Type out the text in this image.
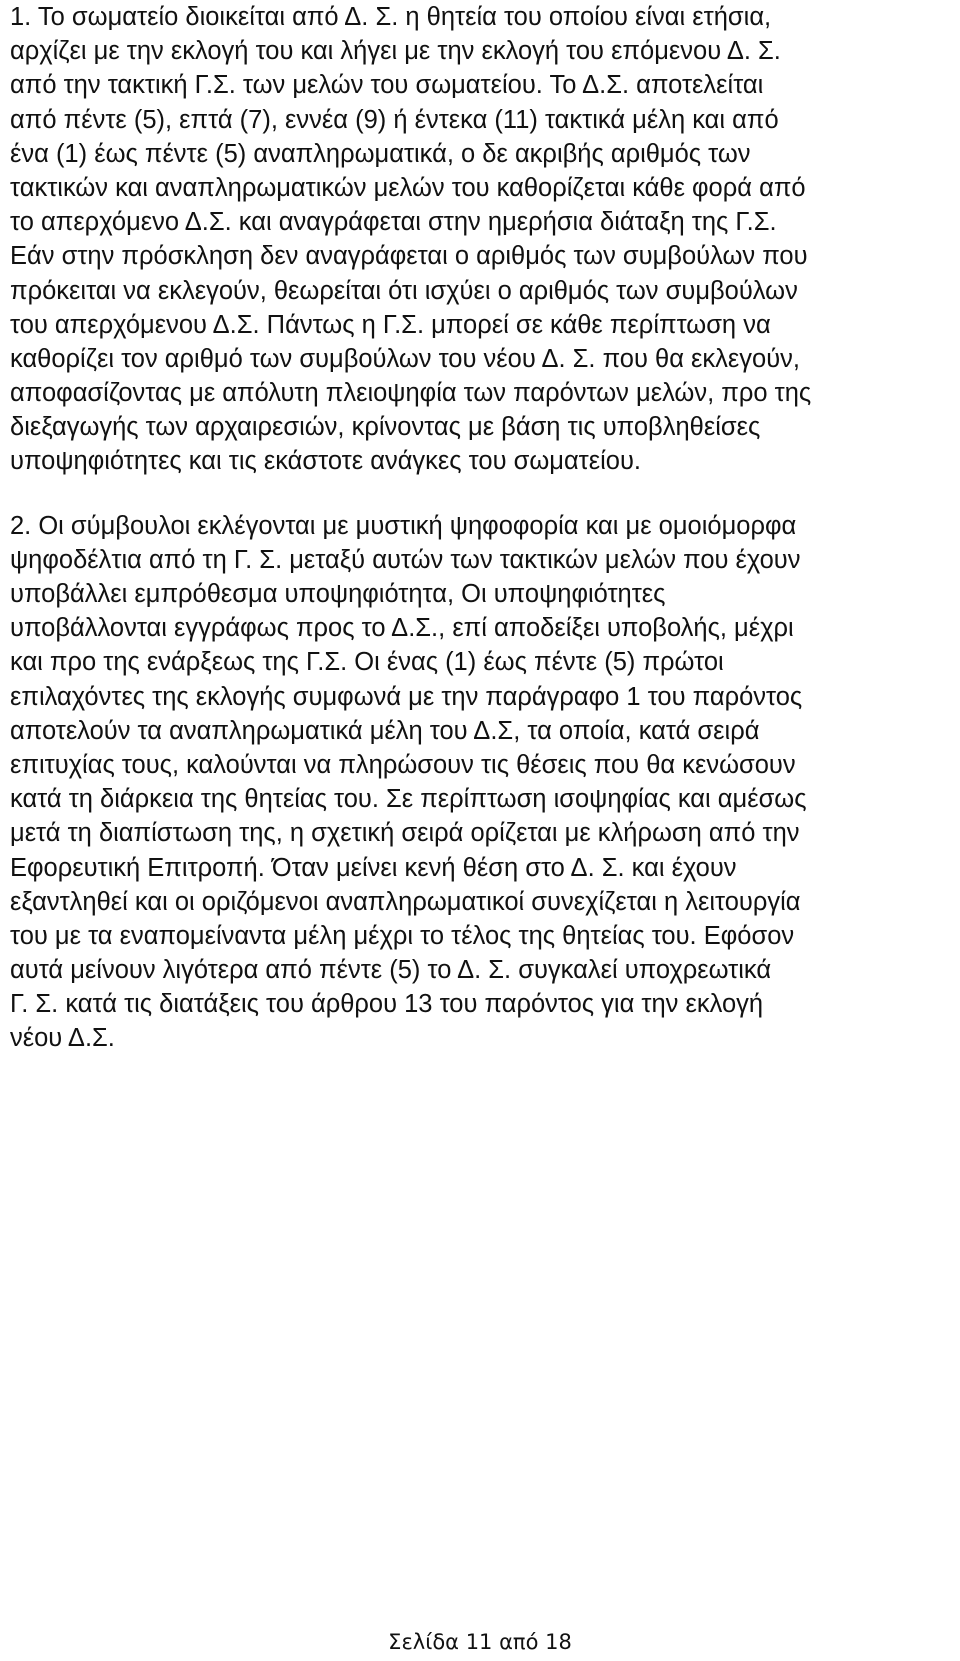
1. Το σωματείο διοικείται από Δ. Σ. η θητεία του οποίου είναι ετήσια,
αρχίζει με την εκλογή του και λήγει με την εκλογή του επόμενου Δ. Σ.
από την τακτική Γ.Σ. των μελών του σωματείου. Το Δ.Σ. αποτελείται
από πέντε (5), επτά (7), εννέα (9) ή έντεκα (11) τακτικά μέλη και από
ένα (1) έως πέντε (5) αναπληρωματικά, ο δε ακριβής αριθμός των
τακτικών και αναπληρωματικών μελών του καθορίζεται κάθε φορά από
το απερχόμενο Δ.Σ. και αναγράφεται στην ημερήσια διάταξη της Γ.Σ.
Εάν στην πρόσκληση δεν αναγράφεται ο αριθμός των συμβούλων που
πρόκειται να εκλεγούν, θεωρείται ότι ισχύει ο αριθμός των συμβούλων
του απερχόμενου Δ.Σ. Πάντως η Γ.Σ. μπορεί σε κάθε περίπτωση να
καθορίζει τον αριθμό των συμβούλων του νέου Δ. Σ. που θα εκλεγούν,
αποφασίζοντας με απόλυτη πλειοψηφία των παρόντων μελών, προ της
διεξαγωγής των αρχαιρεσιών, κρίνοντας με βάση τις υποβληθείσες
υποψηφιότητες και τις εκάστοτε ανάγκες του σωματείου.
2. Οι σύμβουλοι εκλέγονται με μυστική ψηφοφορία και με ομοιόμορφα
ψηφοδέλτια από τη Γ. Σ. μεταξύ αυτών των τακτικών μελών που έχουν
υποβάλλει εμπρόθεσμα υποψηφιότητα, Οι υποψηφιότητες
υποβάλλονται εγγράφως προς το Δ.Σ., επί αποδείξει υποβολής, μέχρι
και προ της ενάρξεως της Γ.Σ. Οι ένας (1) έως πέντε (5) πρώτοι
επιλαχόντες της εκλογής συμφωνά με την παράγραφο 1 του παρόντος
αποτελούν τα αναπληρωματικά μέλη του Δ.Σ, τα οποία, κατά σειρά
επιτυχίας τους, καλούνται να πληρώσουν τις θέσεις που θα κενώσουν
κατά τη διάρκεια της θητείας του. Σε περίπτωση ισοψηφίας και αμέσως
μετά τη διαπίστωση της, η σχετική σειρά ορίζεται με κλήρωση από την
Εφορευτική Επιτροπή. Όταν μείνει κενή θέση στο Δ. Σ. και έχουν
εξαντληθεί και οι οριζόμενοι αναπληρωματικοί συνεχίζεται η λειτουργία
του με τα εναπομείναντα μέλη μέχρι το τέλος της θητείας του. Εφόσον
αυτά μείνουν λιγότερα από πέντε (5) το Δ. Σ. συγκαλεί υποχρεωτικά
Γ. Σ. κατά τις διατάξεις του άρθρου 13 του παρόντος για την εκλογή
νέου Δ.Σ.
Σελίδα 11 από 18
